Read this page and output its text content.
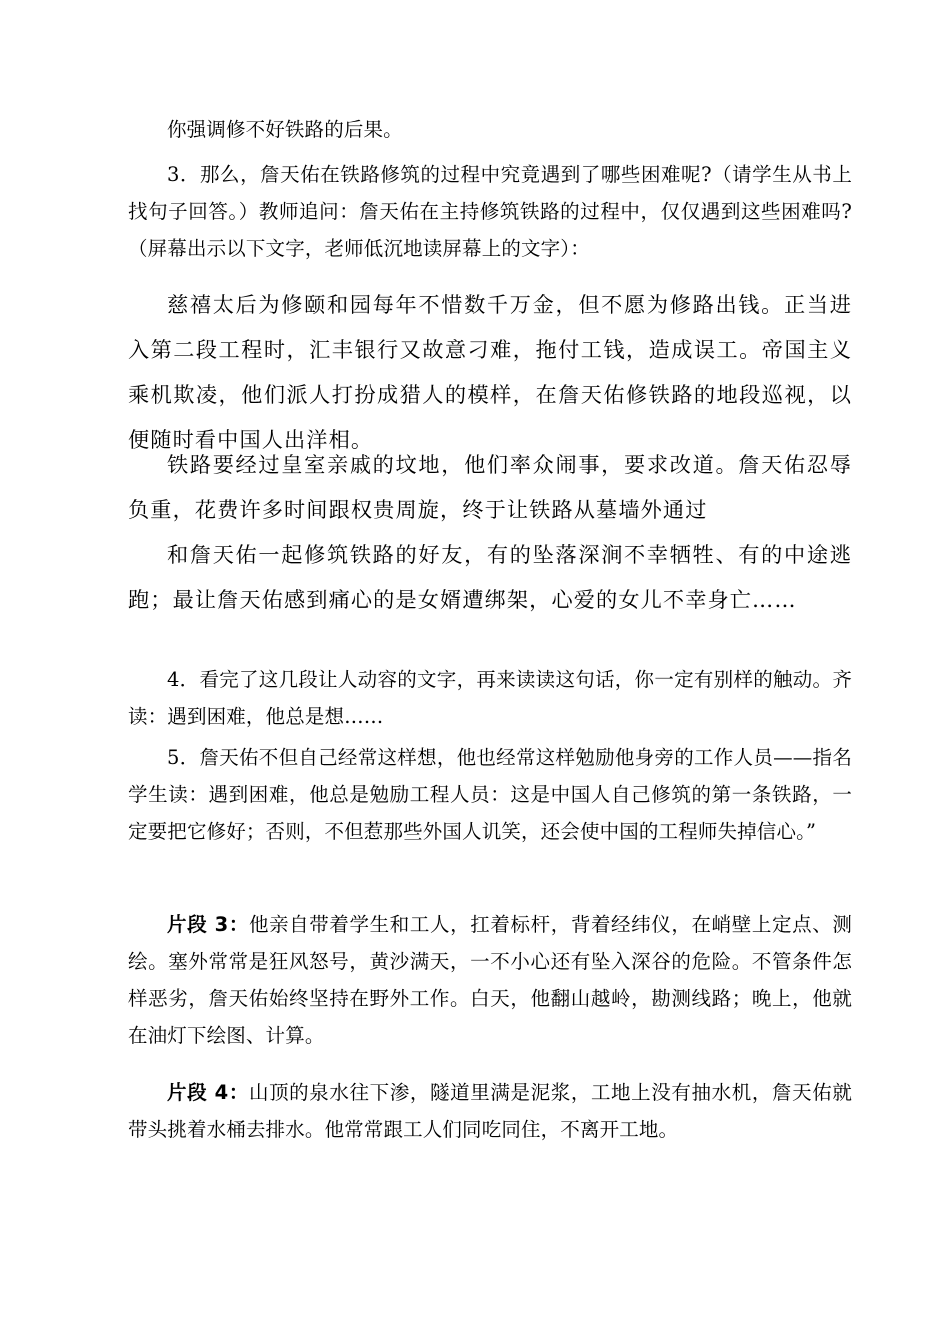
你强调修不好铁路的后果。

3．那么，詹天佑在铁路修筑的过程中究竟遇到了哪些困难呢?（请学生从书上找句子回答。）教师追问：詹天佑在主持修筑铁路的过程中，仅仅遇到这些困难吗?（屏幕出示以下文字，老师低沉地读屏幕上的文字）：

慈禧太后为修颐和园每年不惜数千万金，但不愿为修路出钱。正当进入第二段工程时，汇丰银行又故意刁难，拖付工钱，造成误工。帝国主义乘机欺凌，他们派人打扮成猎人的模样，在詹天佑修铁路的地段巡视，以便随时看中国人出洋相。

铁路要经过皇室亲戚的坟地，他们率众闹事，要求改道。詹天佑忍辱负重，花费许多时间跟权贵周旋，终于让铁路从墓墙外通过

和詹天佑一起修筑铁路的好友，有的坠落深涧不幸牺牲、有的中途逃跑；最让詹天佑感到痛心的是女婿遭绑架，心爱的女儿不幸身亡……

4．看完了这几段让人动容的文字，再来读读这句话，你一定有别样的触动。齐读：遇到困难，他总是想……

5．詹天佑不但自己经常这样想，他也经常这样勉励他身旁的工作人员——指名学生读：遇到困难，他总是勉励工程人员：这是中国人自己修筑的第一条铁路，一定要把它修好；否则，不但惹那些外国人讥笑，还会使中国的工程师失掉信心。”

片段 3：他亲自带着学生和工人，扛着标杆，背着经纬仪，在峭壁上定点、测绘。塞外常常是狂风怒号，黄沙满天，一不小心还有坠入深谷的危险。不管条件怎样恶劣，詹天佑始终坚持在野外工作。白天，他翻山越岭，勘测线路；晚上，他就在油灯下绘图、计算。

片段 4：山顶的泉水往下渗，隧道里满是泥浆，工地上没有抽水机，詹天佑就带头挑着水桶去排水。他常常跟工人们同吃同住，不离开工地。
